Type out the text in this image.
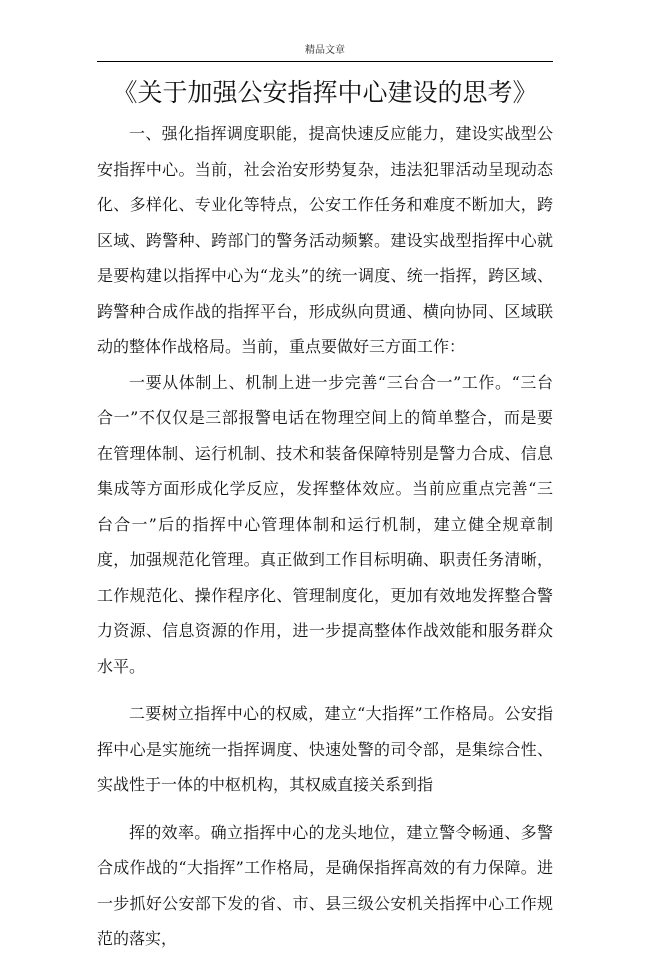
精品文章
《关于加强公安指挥中心建设的思考》

一、强化指挥调度职能，提高快速反应能力，建设实战型公安指挥中心。当前，社会治安形势复杂，违法犯罪活动呈现动态化、多样化、专业化等特点，公安工作任务和难度不断加大，跨区域、跨警种、跨部门的警务活动频繁。建设实战型指挥中心就是要构建以指挥中心为“龙头”的统一调度、统一指挥，跨区域、跨警种合成作战的指挥平台，形成纵向贯通、横向协同、区域联动的整体作战格局。当前，重点要做好三方面工作：

一要从体制上、机制上进一步完善“三台合一”工作。“三台合一”不仅仅是三部报警电话在物理空间上的简单整合，而是要在管理体制、运行机制、技术和装备保障特别是警力合成、信息集成等方面形成化学反应，发挥整体效应。当前应重点完善“三台合一”后的指挥中心管理体制和运行机制，建立健全规章制度，加强规范化管理。真正做到工作目标明确、职责任务清晰，工作规范化、操作程序化、管理制度化，更加有效地发挥整合警力资源、信息资源的作用，进一步提高整体作战效能和服务群众水平。

二要树立指挥中心的权威，建立“大指挥”工作格局。公安指挥中心是实施统一指挥调度、快速处警的司令部，是集综合性、实战性于一体的中枢机构，其权威直接关系到指

挥的效率。确立指挥中心的龙头地位，建立警令畅通、多警合成作战的“大指挥”工作格局，是确保指挥高效的有力保障。进一步抓好公安部下发的省、市、县三级公安机关指挥中心工作规范的落实，
